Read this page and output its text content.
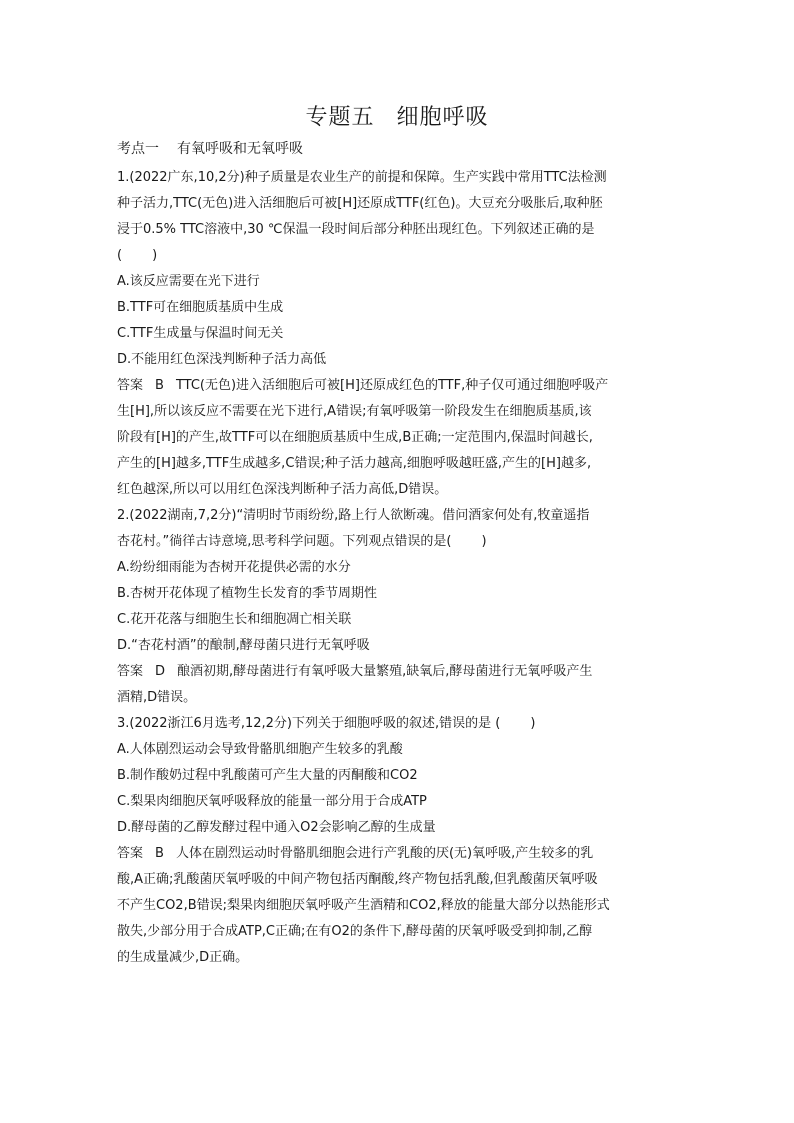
专题五 细胞呼吸

考点一 有氧呼吸和无氧呼吸

1.(2022广东,10,2分)种子质量是农业生产的前提和保障。生产实践中常用TTC法检测

种子活力,TTC(无色)进入活细胞后可被[H]还原成TTF(红色)。大豆充分吸胀后,取种胚

浸于0.5% TTC溶液中,30 ℃保温一段时间后部分种胚出现红色。下列叙述正确的是

( )

A.该反应需要在光下进行

B.TTF可在细胞质基质中生成

C.TTF生成量与保温时间无关

D.不能用红色深浅判断种子活力高低

答案 B TTC(无色)进入活细胞后可被[H]还原成红色的TTF,种子仅可通过细胞呼吸产

生[H],所以该反应不需要在光下进行,A错误;有氧呼吸第一阶段发生在细胞质基质,该

阶段有[H]的产生,故TTF可以在细胞质基质中生成,B正确;一定范围内,保温时间越长,

产生的[H]越多,TTF生成越多,C错误;种子活力越高,细胞呼吸越旺盛,产生的[H]越多,

红色越深,所以可以用红色深浅判断种子活力高低,D错误。

2.(2022湖南,7,2分)“清明时节雨纷纷,路上行人欲断魂。借问酒家何处有,牧童遥指

杏花村。”徜徉古诗意境,思考科学问题。下列观点错误的是( )

A.纷纷细雨能为杏树开花提供必需的水分

B.杏树开花体现了植物生长发育的季节周期性

C.花开花落与细胞生长和细胞凋亡相关联

D.“杏花村酒”的酿制,酵母菌只进行无氧呼吸

答案 D 酿酒初期,酵母菌进行有氧呼吸大量繁殖,缺氧后,酵母菌进行无氧呼吸产生

酒精,D错误。

3.(2022浙江6月选考,12,2分)下列关于细胞呼吸的叙述,错误的是 ( )

A.人体剧烈运动会导致骨骼肌细胞产生较多的乳酸

B.制作酸奶过程中乳酸菌可产生大量的丙酮酸和CO2

C.梨果肉细胞厌氧呼吸释放的能量一部分用于合成ATP

D.酵母菌的乙醇发酵过程中通入O2会影响乙醇的生成量

答案 B 人体在剧烈运动时骨骼肌细胞会进行产乳酸的厌(无)氧呼吸,产生较多的乳

酸,A正确;乳酸菌厌氧呼吸的中间产物包括丙酮酸,终产物包括乳酸,但乳酸菌厌氧呼吸

不产生CO2,B错误;梨果肉细胞厌氧呼吸产生酒精和CO2,释放的能量大部分以热能形式

散失,少部分用于合成ATP,C正确;在有O2的条件下,酵母菌的厌氧呼吸受到抑制,乙醇

的生成量减少,D正确。
